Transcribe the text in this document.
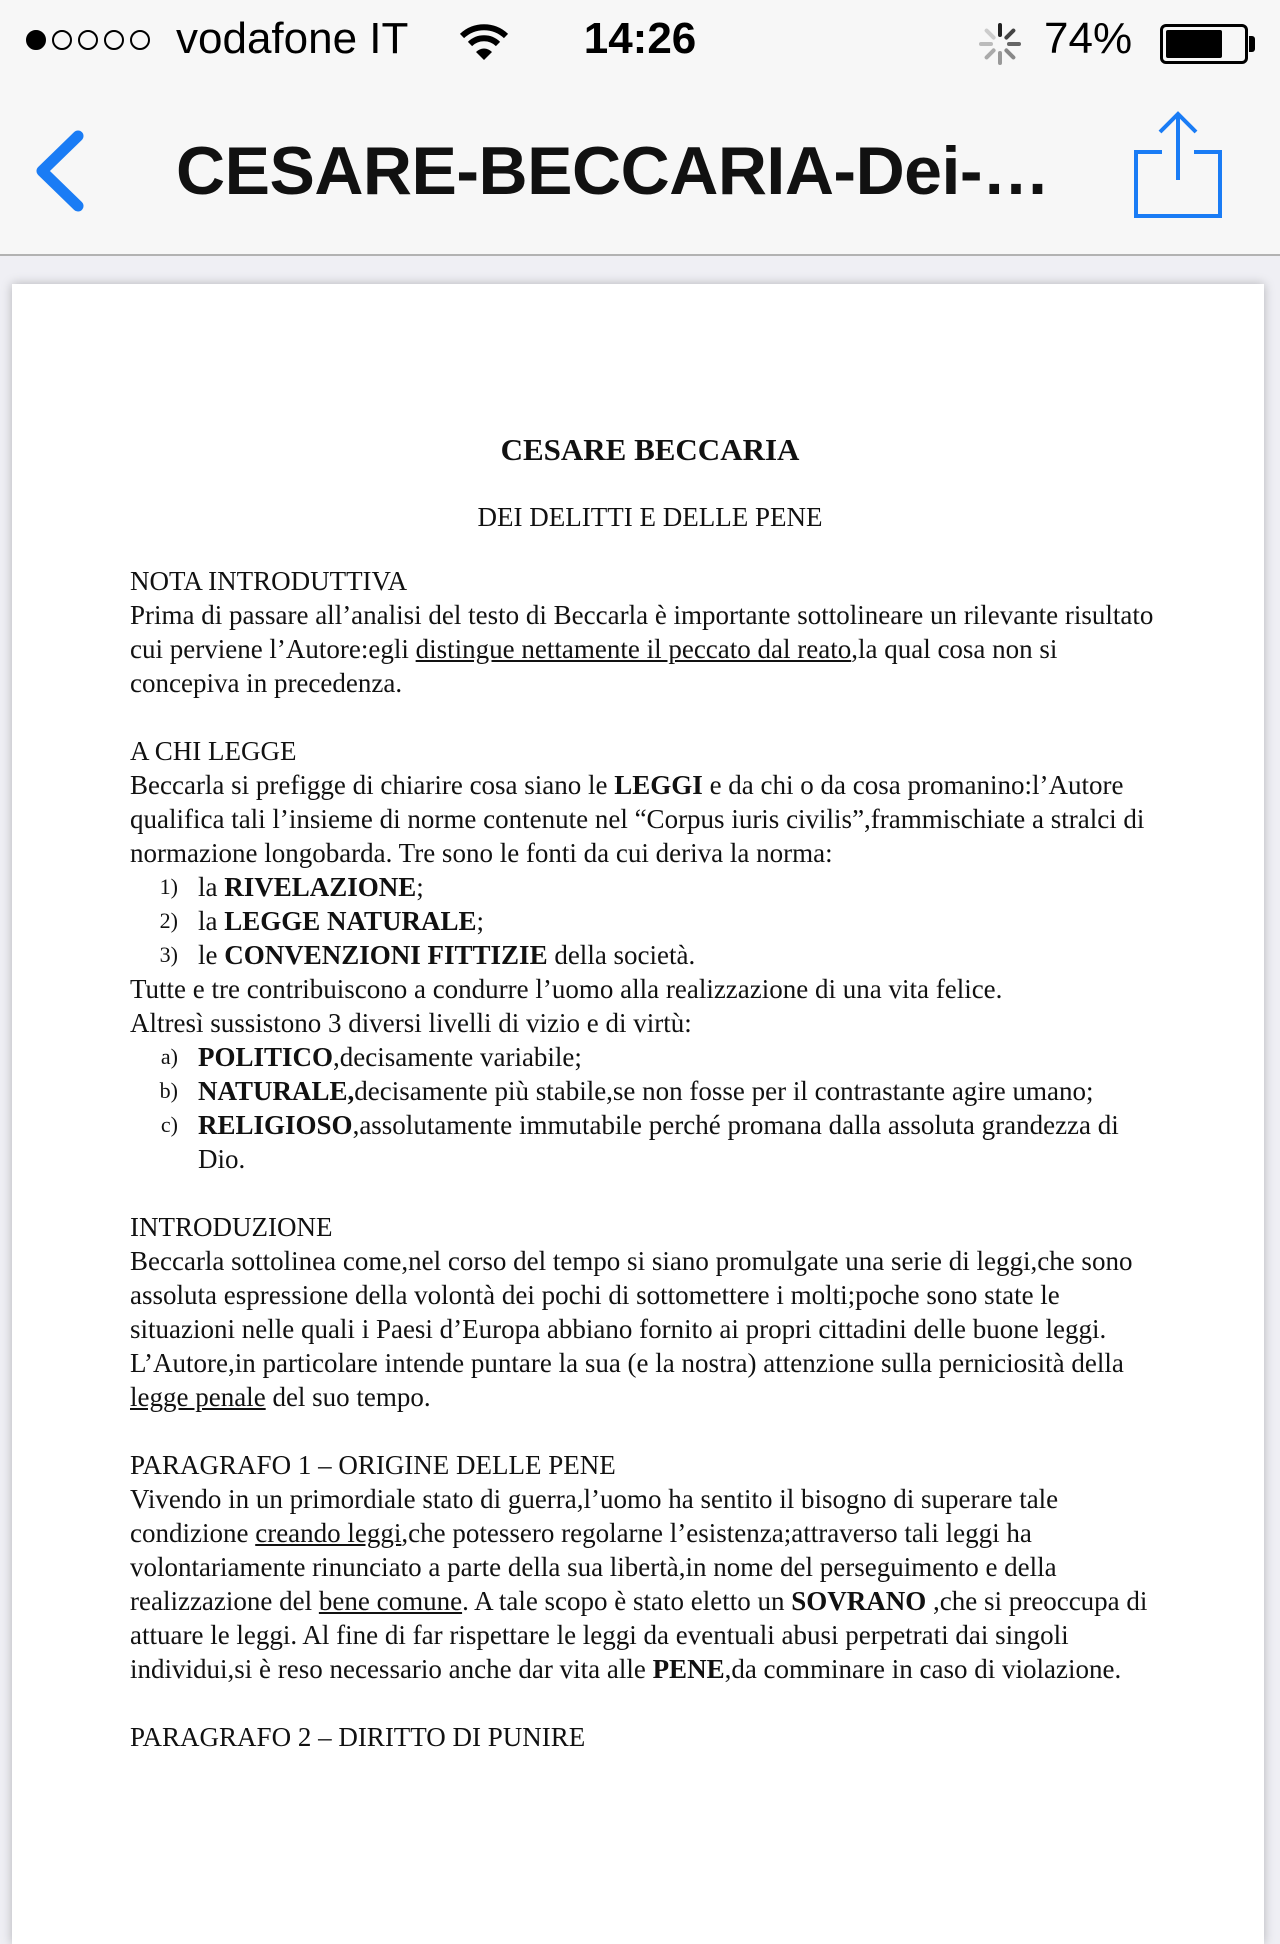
vodafone IT	14:26	74%
CESARE-BECCARIA-Dei-…
CESARE BECCARIA
DEI DELITTI E DELLE PENE

NOTA INTRODUTTIVA

Prima di passare all’analisi del testo di Beccarla è importante sottolineare un rilevante risultato cui perviene l’Autore:egli distingue nettamente il peccato dal reato,la qual cosa non si concepiva in precedenza.

A CHI LEGGE

Beccarla si prefigge di chiarire cosa siano le LEGGI e da chi o da cosa promanino:l’Autore qualifica tali l’insieme di norme contenute nel “Corpus iuris civilis”,frammischiate a stralci di normazione longobarda. Tre sono le fonti da cui deriva la norma:

1) la RIVELAZIONE;
2) la LEGGE NATURALE;
3) le CONVENZIONI FITTIZIE della società.

Tutte e tre contribuiscono a condurre l’uomo alla realizzazione di una vita felice.

Altresì sussistono 3 diversi livelli di vizio e di virtù:

a) POLITICO,decisamente variabile;
b) NATURALE,decisamente più stabile,se non fosse per il contrastante agire umano;
c) RELIGIOSO,assolutamente immutabile perché promana dalla assoluta grandezza di Dio.

INTRODUZIONE

Beccarla sottolinea come,nel corso del tempo si siano promulgate una serie di leggi,che sono assoluta espressione della volontà dei pochi di sottomettere i molti;poche sono state le situazioni nelle quali i Paesi d’Europa abbiano fornito ai propri cittadini delle buone leggi. L’Autore,in particolare intende puntare la sua (e la nostra) attenzione sulla perniciosità della legge penale del suo tempo.

PARAGRAFO 1 – ORIGINE DELLE PENE

Vivendo in un primordiale stato di guerra,l’uomo ha sentito il bisogno di superare tale condizione creando leggi,che potessero regolarne l’esistenza;attraverso tali leggi ha volontariamente rinunciato a parte della sua libertà,in nome del perseguimento e della realizzazione del bene comune. A tale scopo è stato eletto un SOVRANO ,che si preoccupa di attuare le leggi. Al fine di far rispettare le leggi da eventuali abusi perpetrati dai singoli individui,si è reso necessario anche dar vita alle PENE,da comminare in caso di violazione.

PARAGRAFO 2 – DIRITTO DI PUNIRE
